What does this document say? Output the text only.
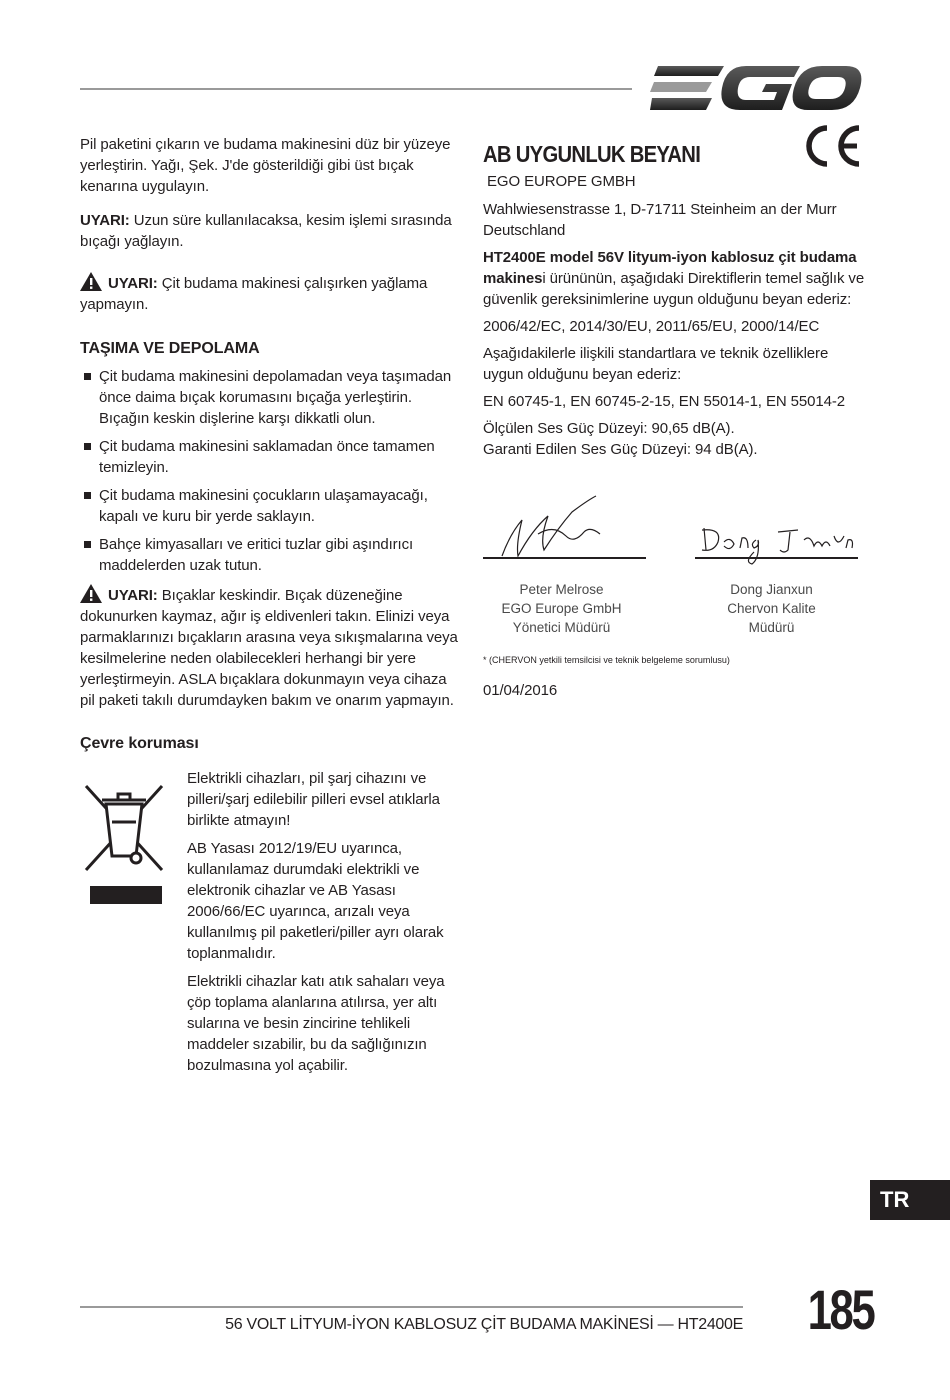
Pil paketini çıkarın ve budama makinesini düz bir yüzeye yerleştirin. Yağı, Şek. J'de gösterildiği gibi üst bıçak kenarına uygulayın.

UYARI: Uzun süre kullanılacaksa, kesim işlemi sırasında bıçağı yağlayın.

UYARI: Çit budama makinesi çalışırken yağlama yapmayın.

TAŞIMA VE DEPOLAMA

Çit budama makinesini depolamadan veya taşımadan önce daima bıçak korumasını bıçağa yerleştirin. Bıçağın keskin dişlerine karşı dikkatli olun.
Çit budama makinesini saklamadan önce tamamen temizleyin.
Çit budama makinesini çocukların ulaşamayacağı, kapalı ve kuru bir yerde saklayın.
Bahçe kimyasalları ve eritici tuzlar gibi aşındırıcı maddelerden uzak tutun.

UYARI: Bıçaklar keskindir. Bıçak düzeneğine dokunurken kaymaz, ağır iş eldivenleri takın. Elinizi veya parmaklarınızı bıçakların arasına veya sıkışmalarına veya kesilmelerine neden olabilecekleri herhangi bir yere yerleştirmeyin. ASLA bıçaklara dokunmayın veya cihaza pil paketi takılı durumdayken bakım ve onarım yapmayın.

Çevre koruması

Elektrikli cihazları, pil şarj cihazını ve pilleri/şarj edilebilir pilleri evsel atıklarla birlikte atmayın!

AB Yasası 2012/19/EU uyarınca, kullanılamaz durumdaki elektrikli ve elektronik cihazlar ve AB Yasası 2006/66/EC uyarınca, arızalı veya kullanılmış pil paketleri/piller ayrı olarak toplanmalıdır.

Elektrikli cihazlar katı atık sahaları veya çöp toplama alanlarına atılırsa, yer altı sularına ve besin zincirine tehlikeli maddeler sızabilir, bu da sağlığınızın bozulmasına yol açabilir.

AB UYGUNLUK BEYANI

EGO EUROPE GMBH

Wahlwiesenstrasse 1, D-71711 Steinheim an der Murr Deutschland

HT2400E model 56V lityum-iyon kablosuz çit budama makinesi ürününün, aşağıdaki Direktiflerin temel sağlık ve güvenlik gereksinimlerine uygun olduğunu beyan ederiz:

2006/42/EC, 2014/30/EU, 2011/65/EU, 2000/14/EC

Aşağıdakilerle ilişkili standartlara ve teknik özelliklere uygun olduğunu beyan ederiz:

EN 60745-1, EN 60745-2-15, EN 55014-1, EN 55014-2

Ölçülen Ses Güç Düzeyi: 90,65 dB(A).

Garanti Edilen Ses Güç Düzeyi: 94 dB(A).

Peter Melrose
EGO Europe GmbH
Yönetici Müdürü
Dong Jianxun
Chervon Kalite
Müdürü
* (CHERVON yetkili temsilcisi ve teknik belgeleme sorumlusu)
01/04/2016
TR
56 VOLT LİTYUM-İYON KABLOSUZ ÇİT BUDAMA MAKİNESİ — HT2400E 185
